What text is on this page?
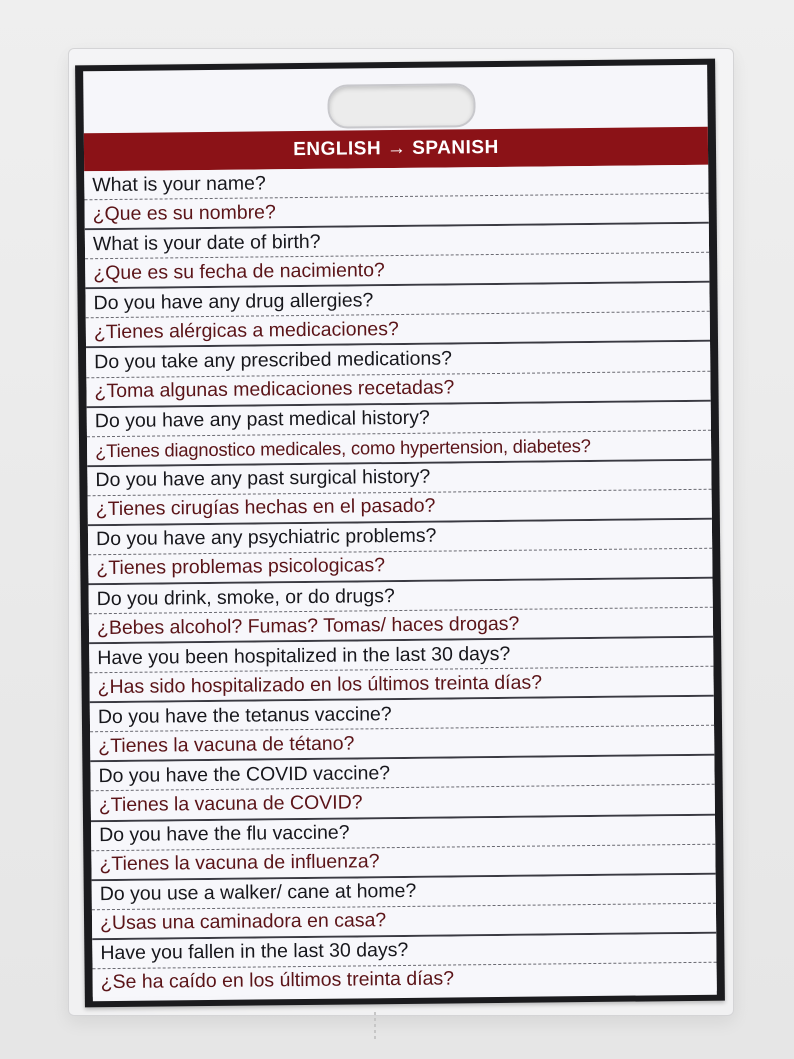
ENGLISH → SPANISH
What is your name?
¿Que es su nombre?
What is your date of birth?
¿Que es su fecha de nacimiento?
Do you have any drug allergies?
¿Tienes alérgicas a medicaciones?
Do you take any prescribed medications?
¿Toma algunas medicaciones recetadas?
Do you have any past medical history?
¿Tienes diagnostico medicales, como hypertension, diabetes?
Do you have any past surgical history?
¿Tienes cirugías hechas en el pasado?
Do you have any psychiatric problems?
¿Tienes problemas psicologicas?
Do you drink, smoke, or do drugs?
¿Bebes alcohol? Fumas? Tomas/ haces drogas?
Have you been hospitalized in the last 30 days?
¿Has sido hospitalizado en los últimos treinta días?
Do you have the tetanus vaccine?
¿Tienes la vacuna de tétano?
Do you have the COVID vaccine?
¿Tienes la vacuna de COVID?
Do you have the flu vaccine?
¿Tienes la vacuna de influenza?
Do you use a walker/ cane at home?
¿Usas una caminadora en casa?
Have you fallen in the last 30 days?
¿Se ha caído en los últimos treinta días?
